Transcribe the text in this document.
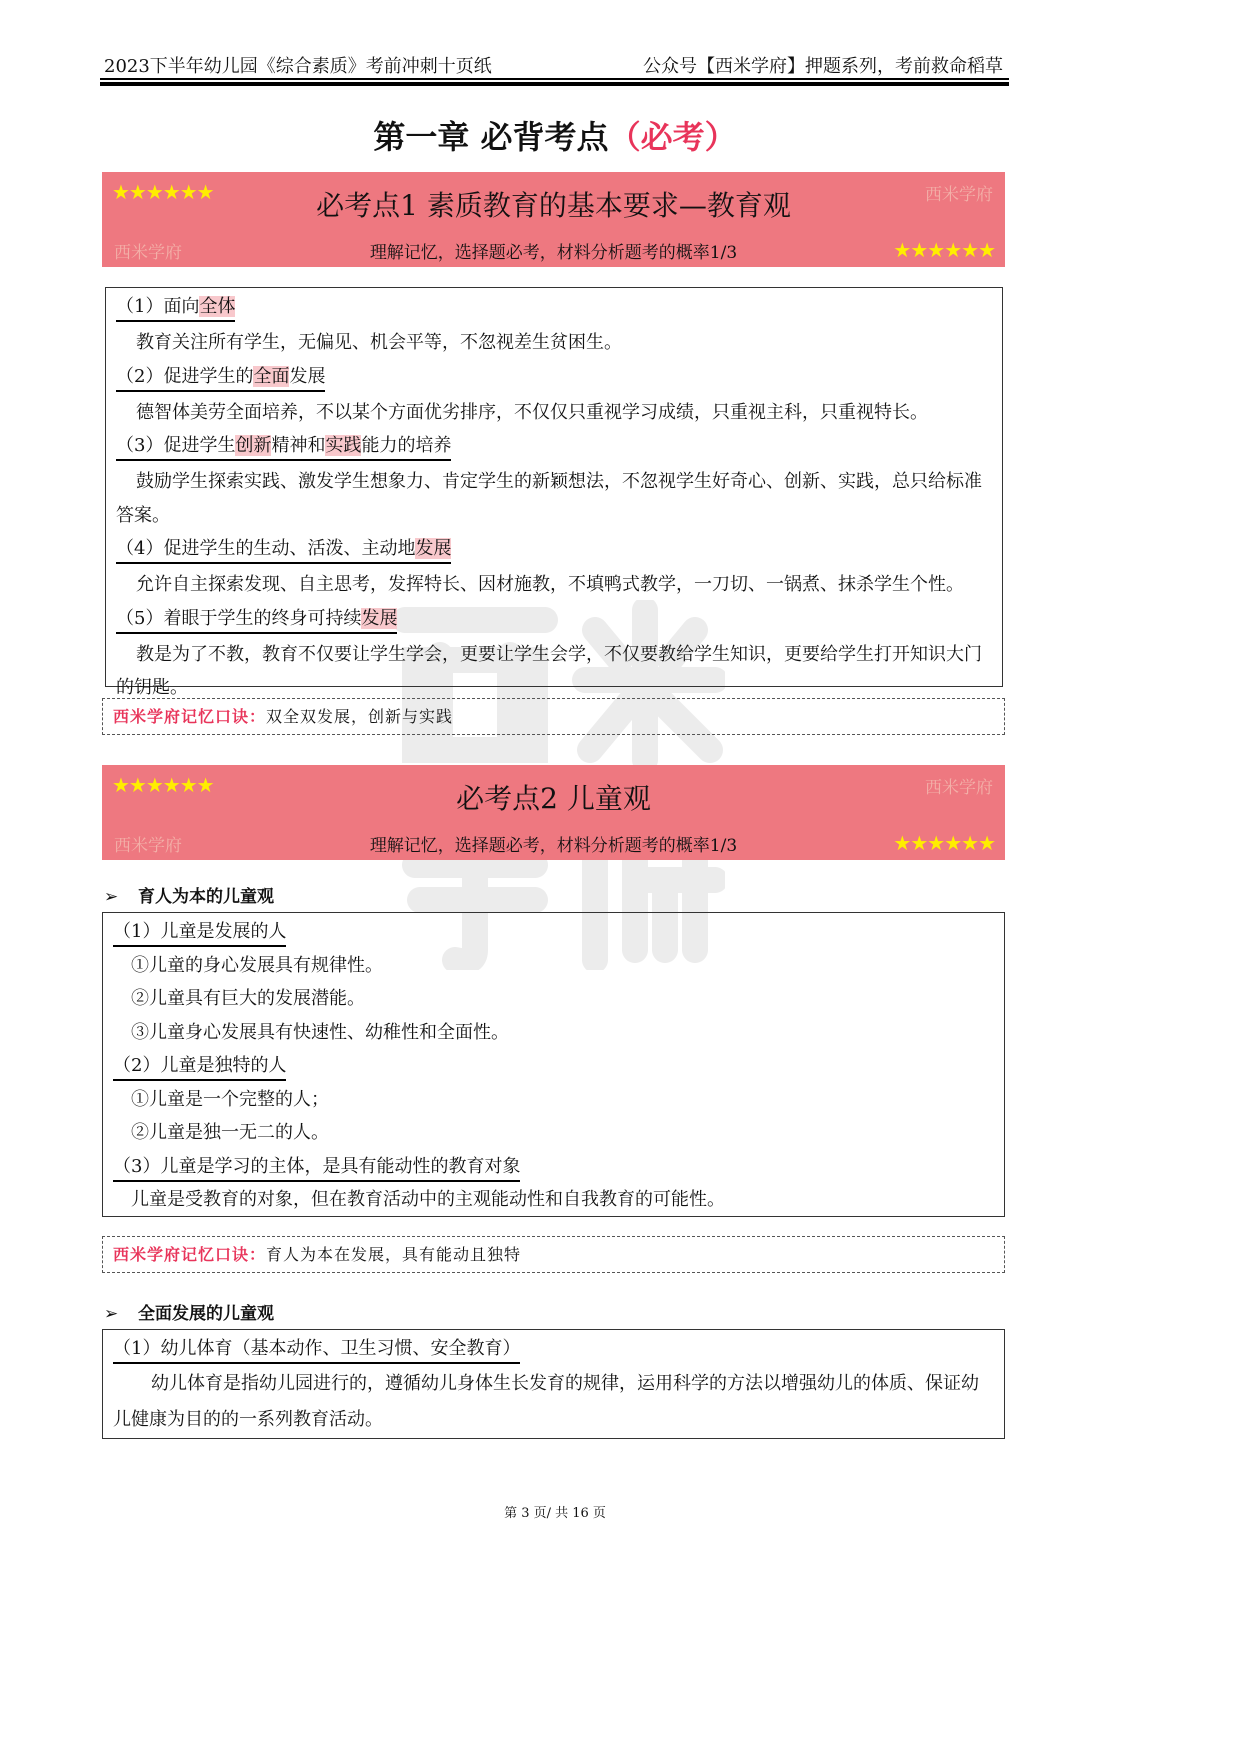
2023下半年幼儿园《综合素质》考前冲刺十页纸	公众号【西米学府】押题系列，考前救命稻草
第一章 必背考点（必考）
★★★★★★	西米学府
必考点1 素质教育的基本要求—教育观
西米学府	理解记忆，选择题必考，材料分析题考的概率1/3	★★★★★★
（1）面向全体
教育关注所有学生，无偏见、机会平等，不忽视差生贫困生。
（2）促进学生的全面发展
德智体美劳全面培养，不以某个方面优劣排序，不仅仅只重视学习成绩，只重视主科，只重视特长。
（3）促进学生创新精神和实践能力的培养
鼓励学生探索实践、激发学生想象力、肯定学生的新颖想法，不忽视学生好奇心、创新、实践，总只给标准答案。
（4）促进学生的生动、活泼、主动地发展
允许自主探索发现、自主思考，发挥特长、因材施教，不填鸭式教学，一刀切、一锅煮、抹杀学生个性。
（5）着眼于学生的终身可持续发展
教是为了不教，教育不仅要让学生学会，更要让学生会学，不仅要教给学生知识，更要给学生打开知识大门的钥匙。
西米学府记忆口诀：双全双发展，创新与实践
★★★★★★	西米学府
必考点2 儿童观
西米学府	理解记忆，选择题必考，材料分析题考的概率1/3	★★★★★★
➢ 育人为本的儿童观
（1）儿童是发展的人
①儿童的身心发展具有规律性。
②儿童具有巨大的发展潜能。
③儿童身心发展具有快速性、幼稚性和全面性。
（2）儿童是独特的人
①儿童是一个完整的人；
②儿童是独一无二的人。
（3）儿童是学习的主体，是具有能动性的教育对象
儿童是受教育的对象，但在教育活动中的主观能动性和自我教育的可能性。
西米学府记忆口诀：育人为本在发展，具有能动且独特
➢ 全面发展的儿童观
（1）幼儿体育（基本动作、卫生习惯、安全教育）
幼儿体育是指幼儿园进行的，遵循幼儿身体生长发育的规律，运用科学的方法以增强幼儿的体质、保证幼儿健康为目的的一系列教育活动。
第 3 页/ 共 16 页
